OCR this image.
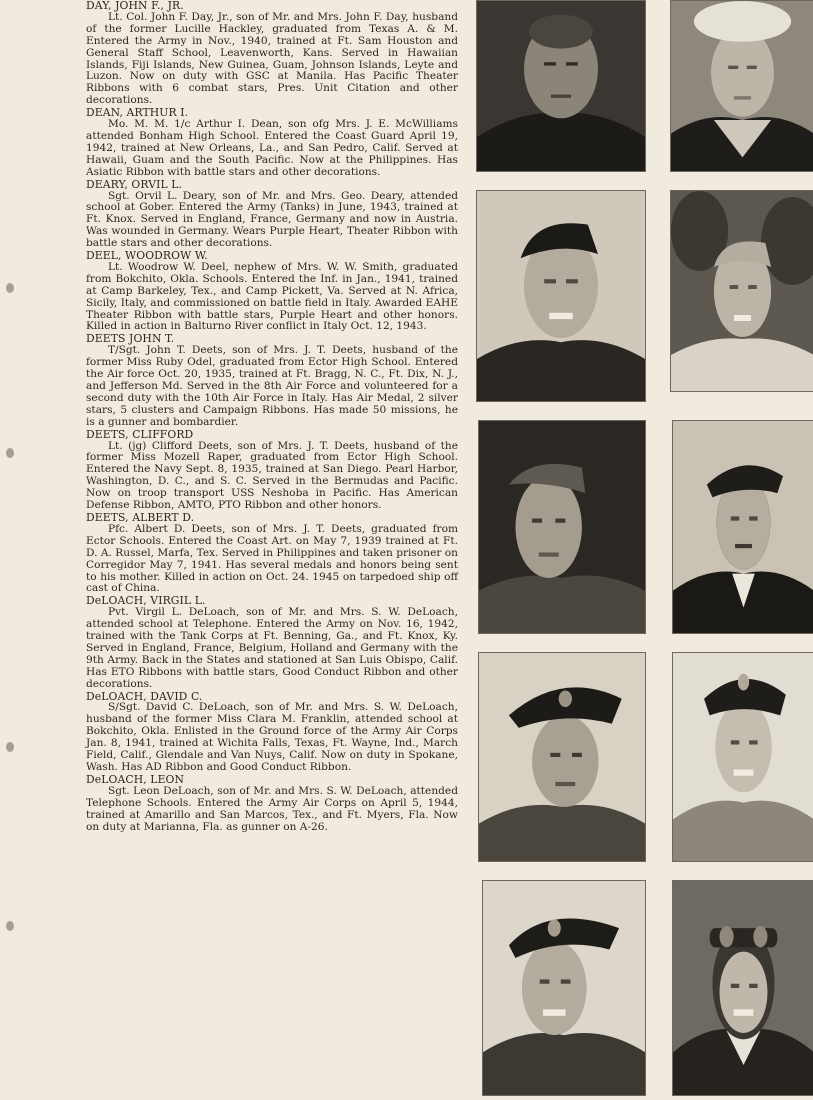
DAY, JOHN F., JR.
Lt. Col. John F. Day, Jr., son of Mr. and Mrs. John F. Day, husband of the former Lucille Hackley, graduated from Texas A. & M. Entered the Army in Nov., 1940, trained at Ft. Sam Houston and General Staff School, Leavenworth, Kans. Served in Hawaiian Islands, Fiji Islands, New Guinea, Guam, Johnson Islands, Leyte and Luzon. Now on duty with GSC at Manila. Has Pacific Theater Ribbons with 6 combat stars, Pres. Unit Citation and other decorations.
DEAN, ARTHUR I.
Mo. M. M. 1/c Arthur I. Dean, son ofg Mrs. J. E. McWilliams attended Bonham High School. Entered the Coast Guard April 19, 1942, trained at New Orleans, La., and San Pedro, Calif. Served at Hawaii, Guam and the South Pacific. Now at the Philippines. Has Asiatic Ribbon with battle stars and other decorations.
DEARY, ORVIL L.
Sgt. Orvil L. Deary, son of Mr. and Mrs. Geo. Deary, attended school at Gober. Entered the Army (Tanks) in June, 1943, trained at Ft. Knox. Served in England, France, Germany and now in Austria. Was wounded in Germany. Wears Purple Heart, Theater Ribbon with battle stars and other decorations.
DEEL, WOODROW W.
Lt. Woodrow W. Deel, nephew of Mrs. W. W. Smith, graduated from Bokchito, Okla. Schools. Entered the Inf. in Jan., 1941, trained at Camp Barkeley, Tex., and Camp Pickett, Va. Served at N. Africa, Sicily, Italy, and commissioned on battle field in Italy. Awarded EAHE Theater Ribbon with battle stars, Purple Heart and other honors. Killed in action in Balturno River conflict in Italy Oct. 12, 1943.
DEETS JOHN T.
T/Sgt. John T. Deets, son of Mrs. J. T. Deets, husband of the former Miss Ruby Odel, graduated from Ector High School. Entered the Air force Oct. 20, 1935, trained at Ft. Bragg, N. C., Ft. Dix, N. J., and Jefferson Md. Served in the 8th Air Force and volunteered for a second duty with the 10th Air Force in Italy. Has Air Medal, 2 silver stars, 5 clusters and Campaign Ribbons. Has made 50 missions, he is a gunner and bombardier.
DEETS, CLIFFORD
Lt. (jg) Clifford Deets, son of Mrs. J. T. Deets, husband of the former Miss Mozell Raper, graduated from Ector High School. Entered the Navy Sept. 8, 1935, trained at San Diego. Pearl Harbor, Washington, D. C., and S. C. Served in the Bermudas and Pacific. Now on troop transport USS Neshoba in Pacific. Has American Defense Ribbon, AMTO, PTO Ribbon and other honors.
DEETS, ALBERT D.
Pfc. Albert D. Deets, son of Mrs. J. T. Deets, graduated from Ector Schools. Entered the Coast Art. on May 7, 1939 trained at Ft. D. A. Russel, Marfa, Tex. Served in Philippines and taken prisoner on Corregidor May 7, 1941. Has several medals and honors being sent to his mother. Killed in action on Oct. 24. 1945 on tarpedoed ship off cast of China.
DeLOACH, VIRGIL L.
Pvt. Virgil L. DeLoach, son of Mr. and Mrs. S. W. DeLoach, attended school at Telephone. Entered the Army on Nov. 16, 1942, trained with the Tank Corps at Ft. Benning, Ga., and Ft. Knox, Ky. Served in England, France, Belgium, Holland and Germany with the 9th Army. Back in the States and stationed at San Luis Obispo, Calif. Has ETO Ribbons with battle stars, Good Conduct Ribbon and other decorations.
DeLOACH, DAVID C.
S/Sgt. David C. DeLoach, son of Mr. and Mrs. S. W. DeLoach, husband of the former Miss Clara M. Franklin, attended school at Bokchito, Okla. Enlisted in the Ground force of the Army Air Corps Jan. 8, 1941, trained at Wichita Falls, Texas, Ft. Wayne, Ind., March Field, Calif., Glendale and Van Nuys, Calif. Now on duty in Spokane, Wash. Has AD Ribbon and Good Conduct Ribbon.
DeLOACH, LEON
Sgt. Leon DeLoach, son of Mr. and Mrs. S. W. DeLoach, attended Telephone Schools. Entered the Army Air Corps on April 5, 1944, trained at Amarillo and San Marcos, Tex., and Ft. Myers, Fla. Now on duty at Marianna, Fla. as gunner on A-26.
